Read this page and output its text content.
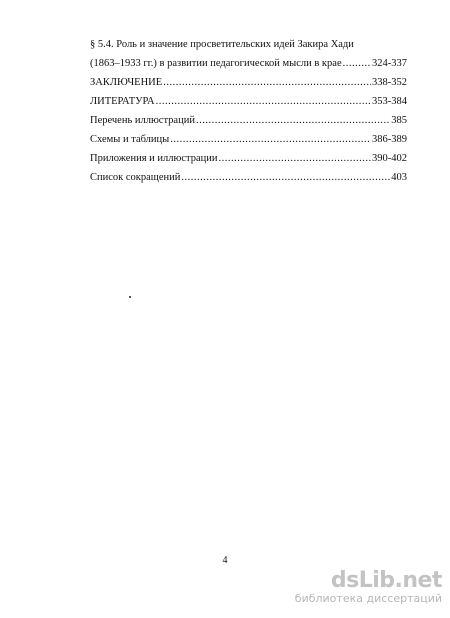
§ 5.4. Роль и значение просветительских идей Закира Хади
(1863–1933 гг.) в развитии педагогической мысли в крае .....	324-337
ЗАКЛЮЧЕНИЕ .....	338-352
ЛИТЕРАТУРА .....	353-384
Перечень иллюстраций .....	385
Схемы и таблицы .....	386-389
Приложения и иллюстрации .....	390-402
Список сокращений .....	403
4
dsLib.net
библиотека диссертаций
